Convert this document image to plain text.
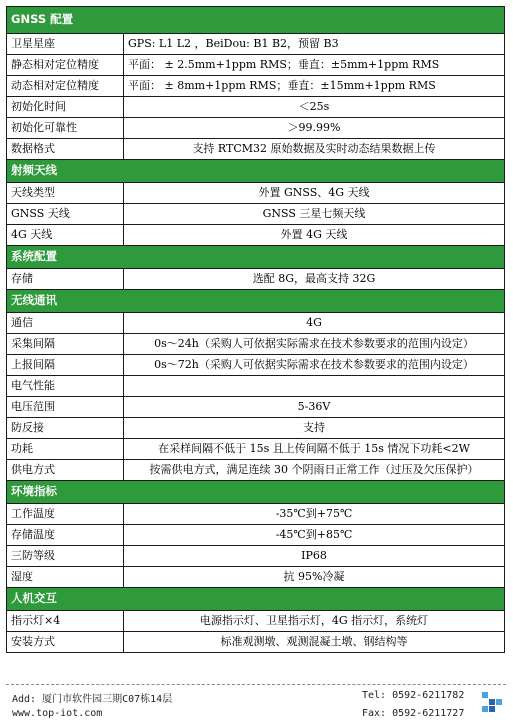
GNSS 配置	
卫星星座	GPS: L1 L2 ，BeiDou: B1 B2，预留 B3
静态相对定位精度	平面： ± 2.5mm+1ppm RMS；垂直：±5mm+1ppm RMS
动态相对定位精度	平面： ± 8mm+1ppm RMS；垂直：±15mm+1ppm RMS
初始化时间	＜25s
初始化可靠性	＞99.99%
数据格式	支持 RTCM32 原始数据及实时动态结果数据上传
射频天线	
天线类型	外置 GNSS、4G 天线
GNSS 天线	GNSS 三星七频天线
4G 天线	外置 4G 天线
系统配置	
存储	选配 8G，最高支持 32G
无线通讯	
通信	4G
采集间隔	0s～24h（采购人可依据实际需求在技术参数要求的范围内设定）
上报间隔	0s～72h（采购人可依据实际需求在技术参数要求的范围内设定）
电气性能	
电压范围	5-36V
防反接	支持
功耗	在采样间隔不低于 15s 且上传间隔不低于 15s 情况下功耗<2W
供电方式	按需供电方式，满足连续 30 个阴雨日正常工作（过压及欠压保护）
环境指标	
工作温度	-35℃到+75℃
存储温度	-45℃到+85℃
三防等级	IP68
湿度	抗 95%冷凝
人机交互	
指示灯×4	电源指示灯、卫星指示灯，4G 指示灯，系统灯
安装方式	标准观测墩、观测混凝土墩、钢结构等
Add: 厦门市软件园三期C07栋14层
www.top-iot.com
Tel: 0592-6211782
Fax: 0592-6211727
